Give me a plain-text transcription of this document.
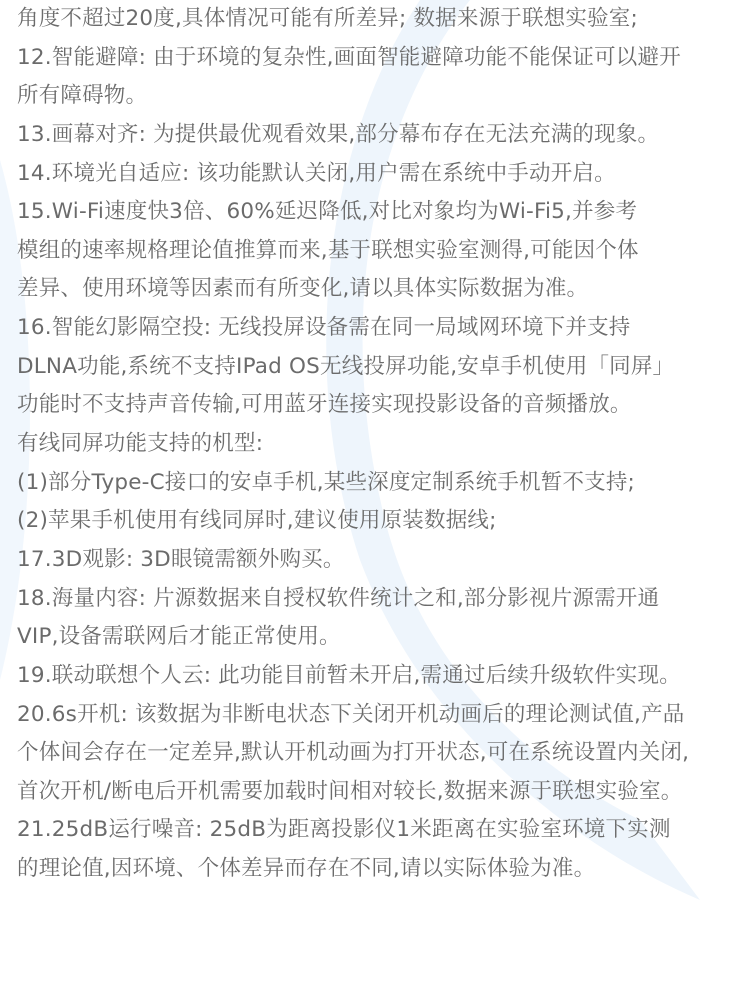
角度不超过20度,具体情况可能有所差异; 数据来源于联想实验室;
12.智能避障: 由于环境的复杂性,画面智能避障功能不能保证可以避开
所有障碍物。
13.画幕对齐: 为提供最优观看效果,部分幕布存在无法充满的现象。
14.环境光自适应: 该功能默认关闭,用户需在系统中手动开启。
15.Wi-Fi速度快3倍、60%延迟降低,对比对象均为Wi-Fi5,并参考
模组的速率规格理论值推算而来,基于联想实验室测得,可能因个体
差异、使用环境等因素而有所变化,请以具体实际数据为准。
16.智能幻影隔空投: 无线投屏设备需在同一局域网环境下并支持
DLNA功能,系统不支持IPad OS无线投屏功能,安卓手机使用「同屏」
功能时不支持声音传输,可用蓝牙连接实现投影设备的音频播放。
有线同屏功能支持的机型:
(1)部分Type-C接口的安卓手机,某些深度定制系统手机暂不支持;
(2)苹果手机使用有线同屏时,建议使用原装数据线;
17.3D观影: 3D眼镜需额外购买。
18.海量内容: 片源数据来自授权软件统计之和,部分影视片源需开通
VIP,设备需联网后才能正常使用。
19.联动联想个人云: 此功能目前暂未开启,需通过后续升级软件实现。
20.6s开机: 该数据为非断电状态下关闭开机动画后的理论测试值,产品
个体间会存在一定差异,默认开机动画为打开状态,可在系统设置内关闭,
首次开机/断电后开机需要加载时间相对较长,数据来源于联想实验室。
21.25dB运行噪音: 25dB为距离投影仪1米距离在实验室环境下实测
的理论值,因环境、个体差异而存在不同,请以实际体验为准。
